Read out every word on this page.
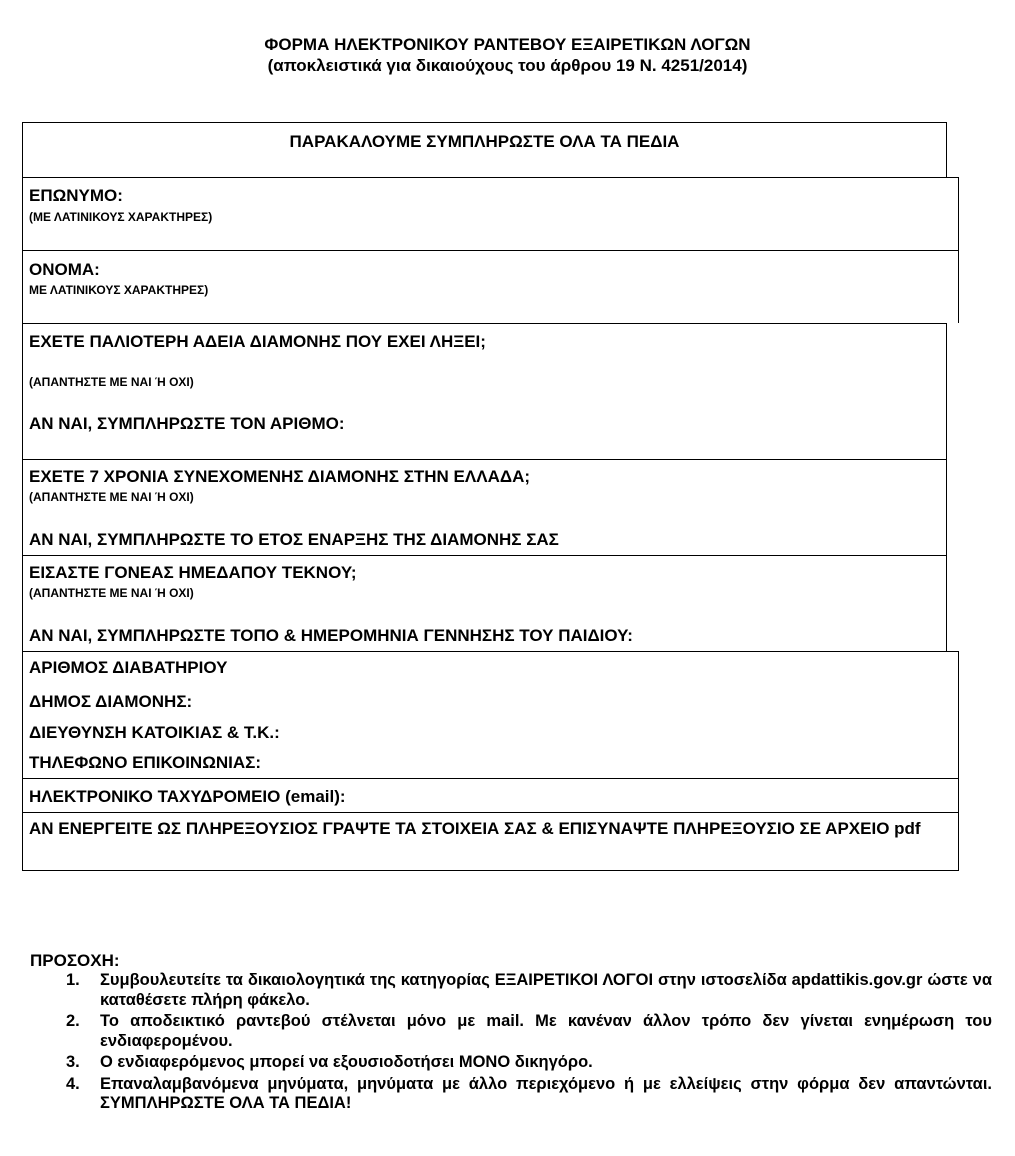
ΦΟΡΜΑ ΗΛΕΚΤΡΟΝΙΚΟΥ ΡΑΝΤΕΒΟΥ ΕΞΑΙΡΕΤΙΚΩΝ ΛΟΓΩΝ
(αποκλειστικά για δικαιούχους του άρθρου 19 Ν. 4251/2014)
ΠΑΡΑΚΑΛΟΥΜΕ ΣΥΜΠΛΗΡΩΣΤΕ ΟΛΑ ΤΑ ΠΕΔΙΑ
ΕΠΩΝΥΜΟ:
(ΜΕ ΛΑΤΙΝΙΚΟΥΣ ΧΑΡΑΚΤΗΡΕΣ)
ΟΝΟΜΑ:
ΜΕ ΛΑΤΙΝΙΚΟΥΣ ΧΑΡΑΚΤΗΡΕΣ)
ΕΧΕΤΕ ΠΑΛΙΟΤΕΡΗ ΑΔΕΙΑ ΔΙΑΜΟΝΗΣ ΠΟΥ ΕΧΕΙ ΛΗΞΕΙ;
(ΑΠΑΝΤΗΣΤΕ ΜΕ ΝΑΙ Ή ΟΧΙ)
ΑΝ ΝΑΙ, ΣΥΜΠΛΗΡΩΣΤΕ ΤΟΝ ΑΡΙΘΜΟ:
ΕΧΕΤΕ 7 ΧΡΟΝΙΑ ΣΥΝΕΧΟΜΕΝΗΣ ΔΙΑΜΟΝΗΣ ΣΤΗΝ ΕΛΛΑΔΑ;
(ΑΠΑΝΤΗΣΤΕ ΜΕ ΝΑΙ Ή ΟΧΙ)
ΑΝ ΝΑΙ, ΣΥΜΠΛΗΡΩΣΤΕ ΤΟ ΕΤΟΣ ΕΝΑΡΞΗΣ ΤΗΣ ΔΙΑΜΟΝΗΣ ΣΑΣ
ΕΙΣΑΣΤΕ ΓΟΝΕΑΣ ΗΜΕΔΑΠΟΥ ΤΕΚΝΟΥ;
(ΑΠΑΝΤΗΣΤΕ ΜΕ ΝΑΙ Ή ΟΧΙ)
ΑΝ ΝΑΙ, ΣΥΜΠΛΗΡΩΣΤΕ ΤΟΠΟ & ΗΜΕΡΟΜΗΝΙΑ ΓΕΝΝΗΣΗΣ ΤΟΥ ΠΑΙΔΙΟΥ:
ΑΡΙΘΜΟΣ ΔΙΑΒΑΤΗΡΙΟΥ
ΔΗΜΟΣ ΔΙΑΜΟΝΗΣ:
ΔΙΕΥΘΥΝΣΗ ΚΑΤΟΙΚΙΑΣ & Τ.Κ.:
ΤΗΛΕΦΩΝΟ ΕΠΙΚΟΙΝΩΝΙΑΣ:
ΗΛΕΚΤΡΟΝΙΚΟ ΤΑΧΥΔΡΟΜΕΙΟ (email):
ΑΝ ΕΝΕΡΓΕΙΤΕ ΩΣ ΠΛΗΡΕΞΟΥΣΙΟΣ ΓΡΑΨΤΕ ΤΑ ΣΤΟΙΧΕΙΑ ΣΑΣ & ΕΠΙΣΥΝΑΨΤΕ ΠΛΗΡΕΞΟΥΣΙΟ ΣΕ ΑΡΧΕΙΟ pdf
ΠΡΟΣΟΧΗ:
1. Συμβουλευτείτε τα δικαιολογητικά της κατηγορίας ΕΞΑΙΡΕΤΙΚΟΙ ΛΟΓΟΙ στην ιστοσελίδα apdattikis.gov.gr ώστε να καταθέσετε πλήρη φάκελο.
2. Το αποδεικτικό ραντεβού στέλνεται μόνο με mail. Με κανέναν άλλον τρόπο δεν γίνεται ενημέρωση του ενδιαφερομένου.
3. Ο ενδιαφερόμενος μπορεί να εξουσιοδοτήσει ΜΟΝΟ δικηγόρο.
4. Επαναλαμβανόμενα μηνύματα, μηνύματα με άλλο περιεχόμενο ή με ελλείψεις στην φόρμα δεν απαντώνται. ΣΥΜΠΛΗΡΩΣΤΕ ΟΛΑ ΤΑ ΠΕΔΙΑ!
